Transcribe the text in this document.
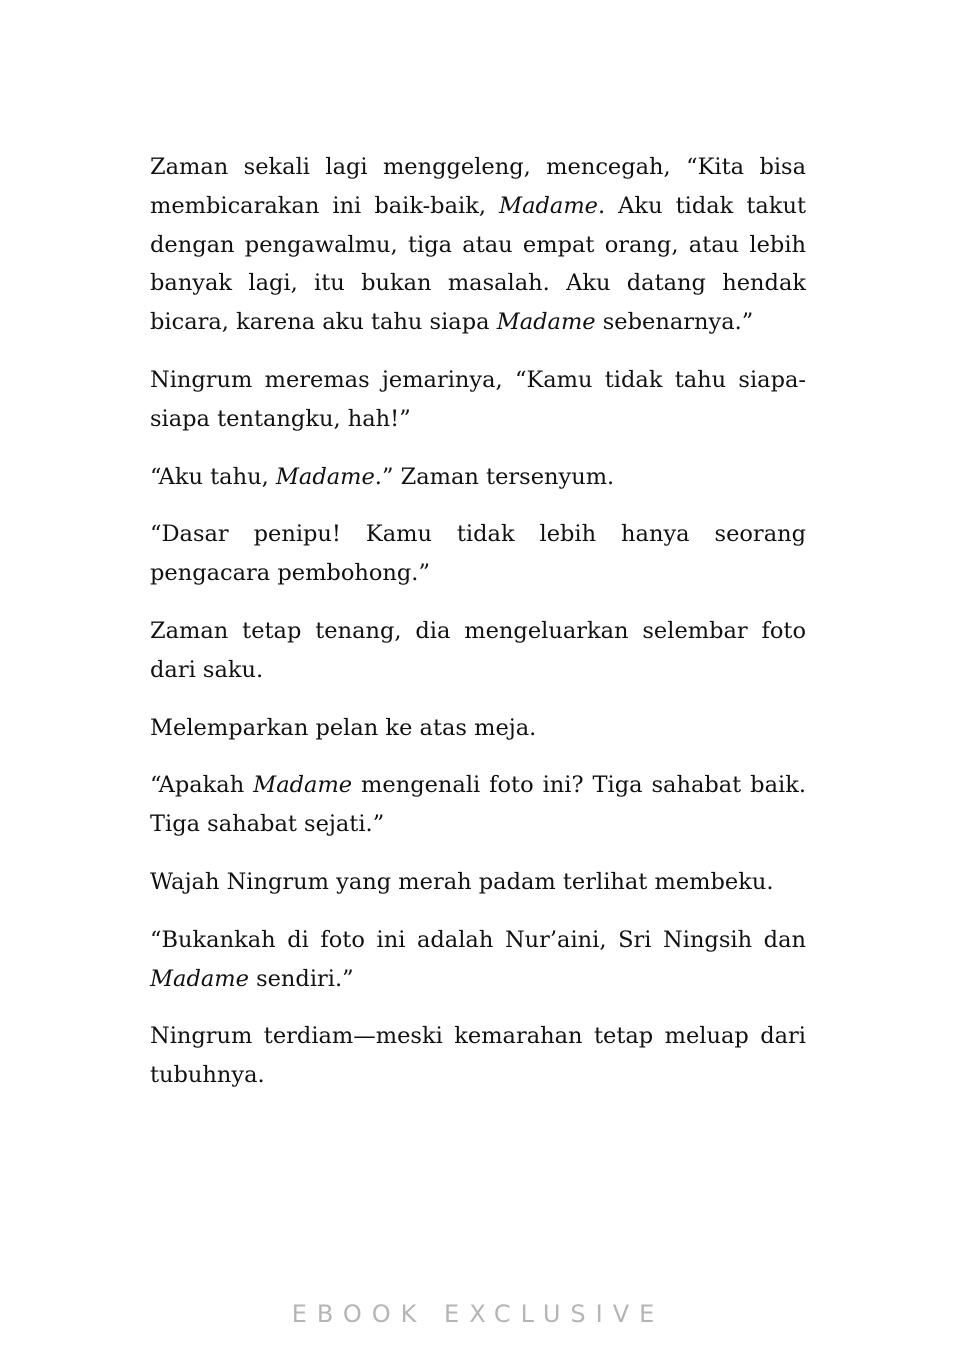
Zaman sekali lagi menggeleng, mencegah, “Kita bisa membicarakan ini baik-baik, Madame. Aku tidak takut dengan pengawalmu, tiga atau empat orang, atau lebih banyak lagi, itu bukan masalah. Aku datang hendak bicara, karena aku tahu siapa Madame sebenarnya.”

Ningrum meremas jemarinya, “Kamu tidak tahu siapa-siapa tentangku, hah!”

“Aku tahu, Madame.” Zaman tersenyum.

“Dasar penipu! Kamu tidak lebih hanya seorang pengacara pembohong.”

Zaman tetap tenang, dia mengeluarkan selembar foto dari saku.

Melemparkan pelan ke atas meja.

“Apakah Madame mengenali foto ini? Tiga sahabat baik. Tiga sahabat sejati.”

Wajah Ningrum yang merah padam terlihat membeku.

“Bukankah di foto ini adalah Nur’aini, Sri Ningsih dan Madame sendiri.”

Ningrum terdiam—meski kemarahan tetap meluap dari tubuhnya.

EBOOK EXCLUSIVE
